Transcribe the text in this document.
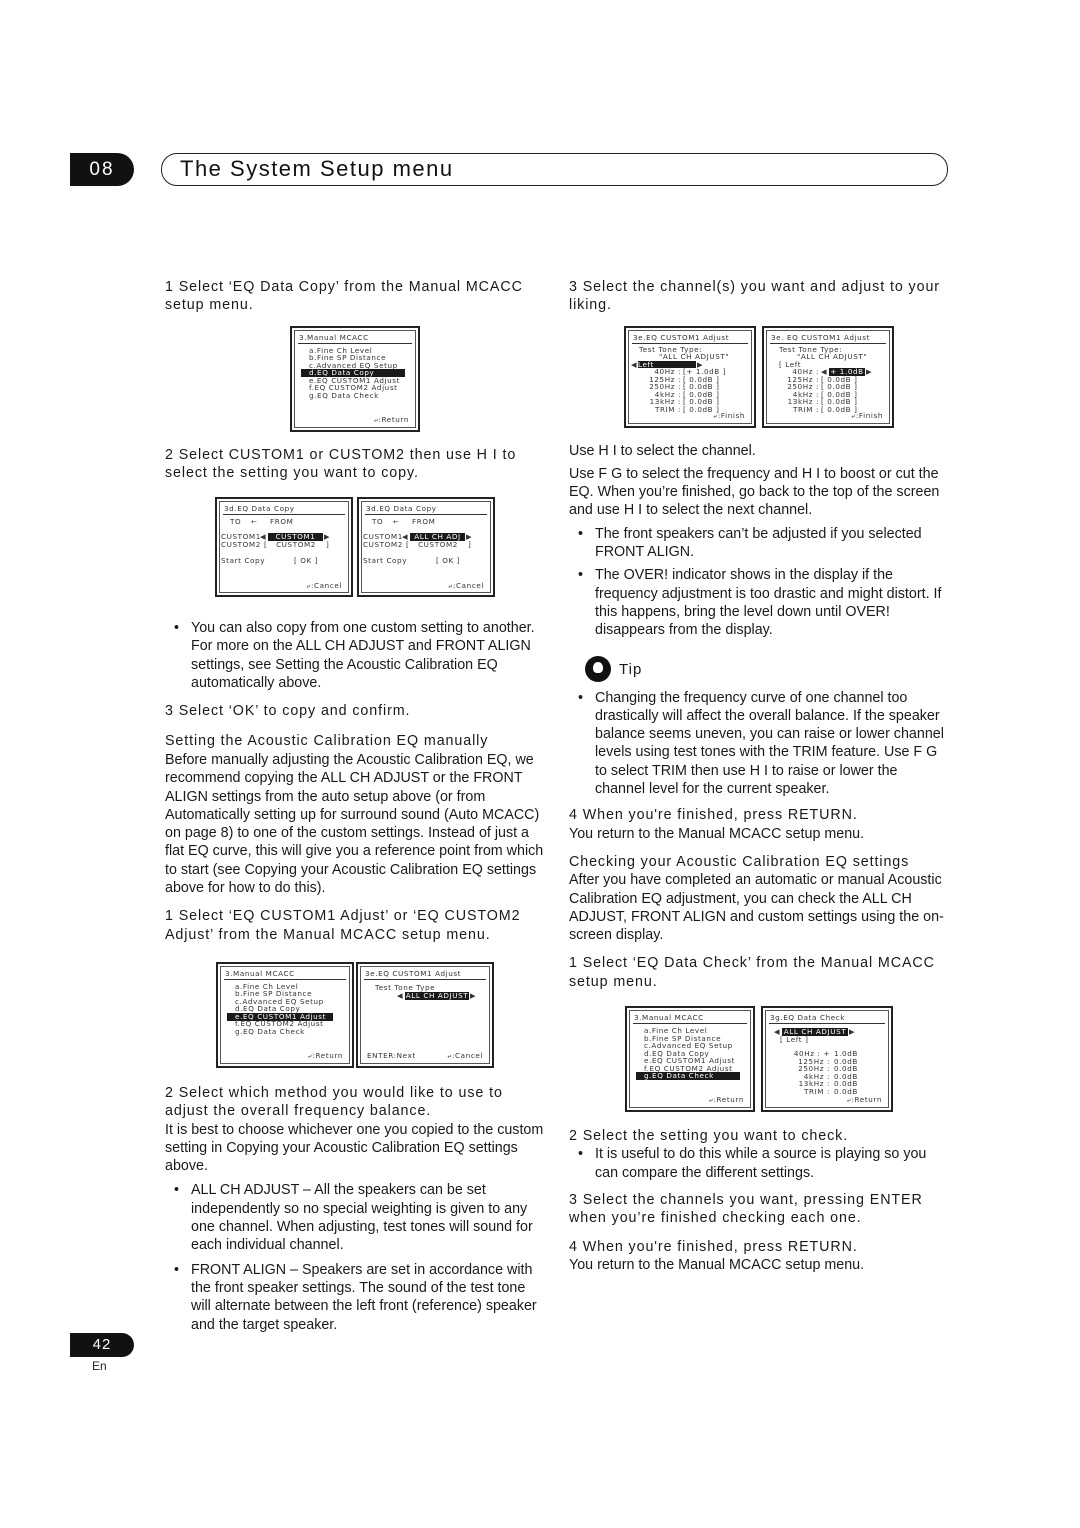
08	The System Setup menu

1 Select ‘EQ Data Copy’ from the Manual MCACC setup menu.

3.Manual MCACC
a.Fine Ch Level
b.Fine SP Distance
c.Advanced EQ Setup
d.EQ Data Copy
e.EQ CUSTOM1 Adjust
f.EQ CUSTOM2 Adjust
g.EQ Data Check
⤶:Return

2 Select CUSTOM1 or CUSTOM2 then use H I to select the setting you want to copy.

3d.EQ Data Copy
TO ← FROM
CUSTOM1 ◀	CUSTOM1	▶
CUSTOM2	CUSTOM2
[	]
Start Copy	[ OK ]
⤶:Cancel
3d.EQ Data Copy
TO ← FROM
CUSTOM1 ◀ ALL CH ADJ ▶
CUSTOM2	CUSTOM2
[	]
Start Copy	[ OK ]
⤶:Cancel

• You can also copy from one custom setting to another. For more on the ALL CH ADJUST and FRONT ALIGN settings, see Setting the Acoustic Calibration EQ automatically above.

3 Select ‘OK’ to copy and confirm.

Setting the Acoustic Calibration EQ manually

Before manually adjusting the Acoustic Calibration EQ, we recommend copying the ALL CH ADJUST or the FRONT ALIGN settings from the auto setup above (or from Automatically setting up for surround sound (Auto MCACC) on page 8) to one of the custom settings. Instead of just a flat EQ curve, this will give you a reference point from which to start (see Copying your Acoustic Calibration EQ settings above for how to do this).

1 Select ‘EQ CUSTOM1 Adjust’ or ‘EQ CUSTOM2 Adjust’ from the Manual MCACC setup menu.

3.Manual MCACC
a.Fine Ch Level
b.Fine SP Distance
c.Advanced EQ Setup
d.EQ Data Copy
e.EQ CUSTOM1 Adjust
f.EQ CUSTOM2 Adjust
g.EQ Data Check
⤶:Return
3e.EQ CUSTOM1 Adjust
Test Tone Type
◀ ALL CH ADJUST ▶
ENTER:Next	⤶:Cancel

2 Select which method you would like to use to adjust the overall frequency balance.

It is best to choose whichever one you copied to the custom setting in Copying your Acoustic Calibration EQ settings above.

• ALL CH ADJUST – All the speakers can be set independently so no special weighting is given to any one channel. When adjusting, test tones will sound for each individual channel.

• FRONT ALIGN – Speakers are set in accordance with the front speaker settings. The sound of the test tone will alternate between the left front (reference) speaker and the target speaker.

3 Select the channel(s) you want and adjust to your liking.

3e.EQ CUSTOM1 Adjust
Test Tone Type:
"ALL CH ADJUST"
◀ Left	▶
40Hz : [+ 1.0dB ]
125Hz : [ 0.0dB ]
250Hz : [ 0.0dB ]
4kHz : [ 0.0dB ]
13kHz : [ 0.0dB ]
TRIM : [ 0.0dB ]
⤶:Finish
3e. EQ CUSTOM1 Adjust
Test Tone Type:
"ALL CH ADJUST"
[ Left
40Hz : ◀ + 1.0dB ▶
125Hz : [ 0.0dB ]
250Hz : [ 0.0dB ]
4kHz : [ 0.0dB ]
13kHz : [ 0.0dB ]
TRIM : [ 0.0dB ]
⤶:Finish

Use H I to select the channel.

Use F G to select the frequency and H I to boost or cut the EQ. When you’re finished, go back to the top of the screen and use H I to select the next channel.

• The front speakers can’t be adjusted if you selected FRONT ALIGN.

• The OVER! indicator shows in the display if the frequency adjustment is too drastic and might distort. If this happens, bring the level down until OVER! disappears from the display.

Tip

• Changing the frequency curve of one channel too drastically will affect the overall balance. If the speaker balance seems uneven, you can raise or lower channel levels using test tones with the TRIM feature. Use F G to select TRIM then use H I to raise or lower the channel level for the current speaker.

4 When you're finished, press RETURN.

You return to the Manual MCACC setup menu.

Checking your Acoustic Calibration EQ settings

After you have completed an automatic or manual Acoustic Calibration EQ adjustment, you can check the ALL CH ADJUST, FRONT ALIGN and custom settings using the on-screen display.

1 Select ‘EQ Data Check’ from the Manual MCACC setup menu.

3.Manual MCACC
a.Fine Ch Level
b.Fine SP Distance
c.Advanced EQ Setup
d.EQ Data Copy
e.EQ CUSTOM1 Adjust
f.EQ CUSTOM2 Adjust
g.EQ Data Check
⤶:Return
3g.EQ Data Check
◀ ALL CH ADJUST ▶
[ Left ]
40Hz : + 1.0dB
125Hz : 0.0dB
250Hz : 0.0dB
4kHz : 0.0dB
13kHz : 0.0dB
TRIM : 0.0dB
⤶:Return

2 Select the setting you want to check.

• It is useful to do this while a source is playing so you can compare the different settings.

3 Select the channels you want, pressing ENTER when you’re finished checking each one.

4 When you're finished, press RETURN.

You return to the Manual MCACC setup menu.

42
En
